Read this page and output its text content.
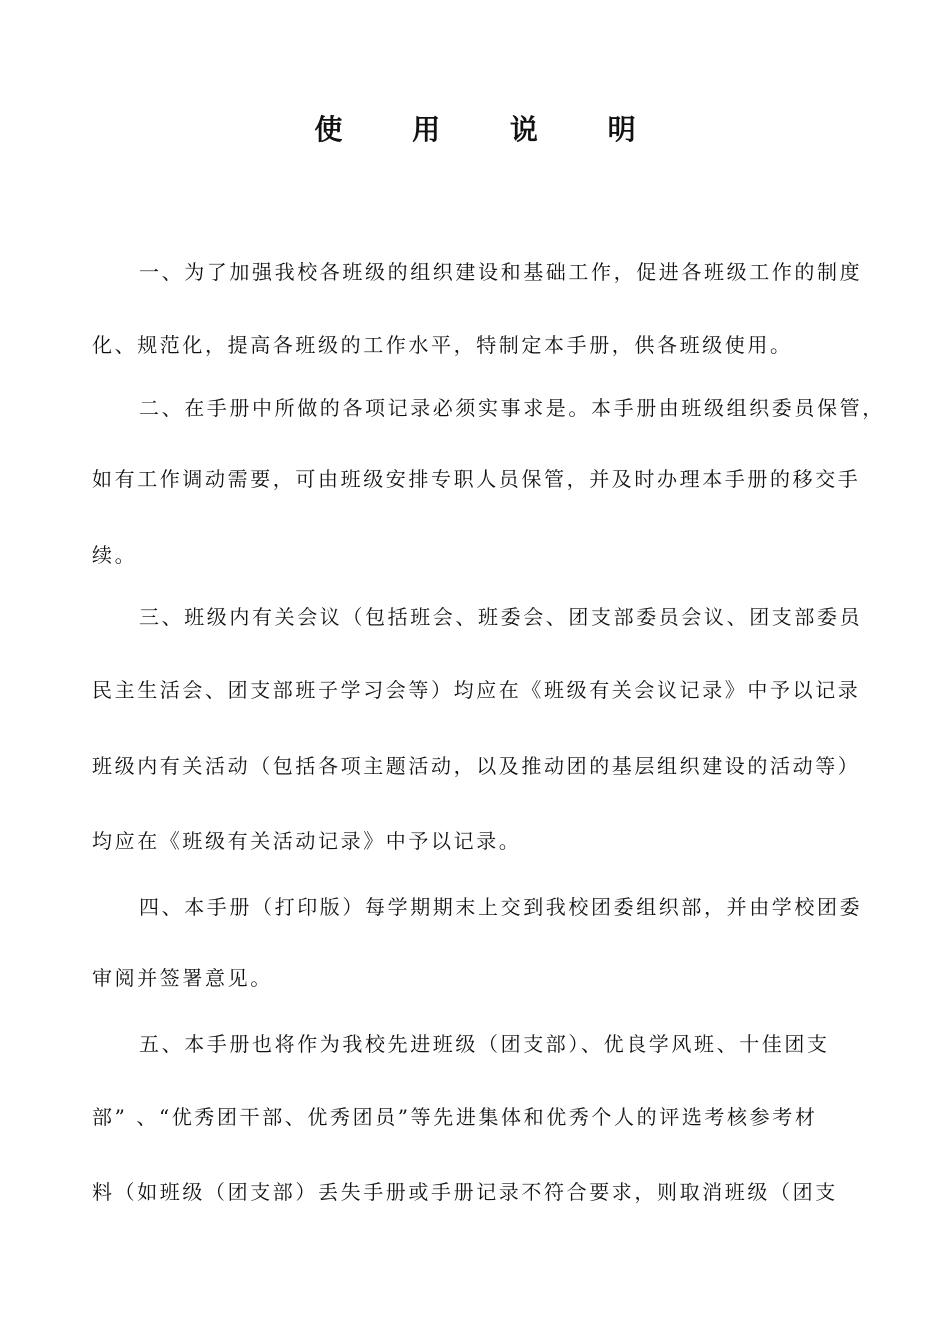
使 用 说 明
一、为了加强我校各班级的组织建设和基础工作，促进各班级工作的制度
化、规范化，提高各班级的工作水平，特制定本手册，供各班级使用。
二、在手册中所做的各项记录必须实事求是。本手册由班级组织委员保管，
如有工作调动需要，可由班级安排专职人员保管，并及时办理本手册的移交手
续。
三、班级内有关会议（包括班会、班委会、团支部委员会议、团支部委员
民主生活会、团支部班子学习会等）均应在《班级有关会议记录》中予以记录
班级内有关活动（包括各项主题活动，以及推动团的基层组织建设的活动等）
均应在《班级有关活动记录》中予以记录。
四、本手册（打印版）每学期期末上交到我校团委组织部，并由学校团委
审阅并签署意见。
五、本手册也将作为我校先进班级（团支部）、优良学风班、十佳团支
部” 、“优秀团干部、优秀团员”等先进集体和优秀个人的评选考核参考材
料（如班级（团支部）丢失手册或手册记录不符合要求，则取消班级（团支
